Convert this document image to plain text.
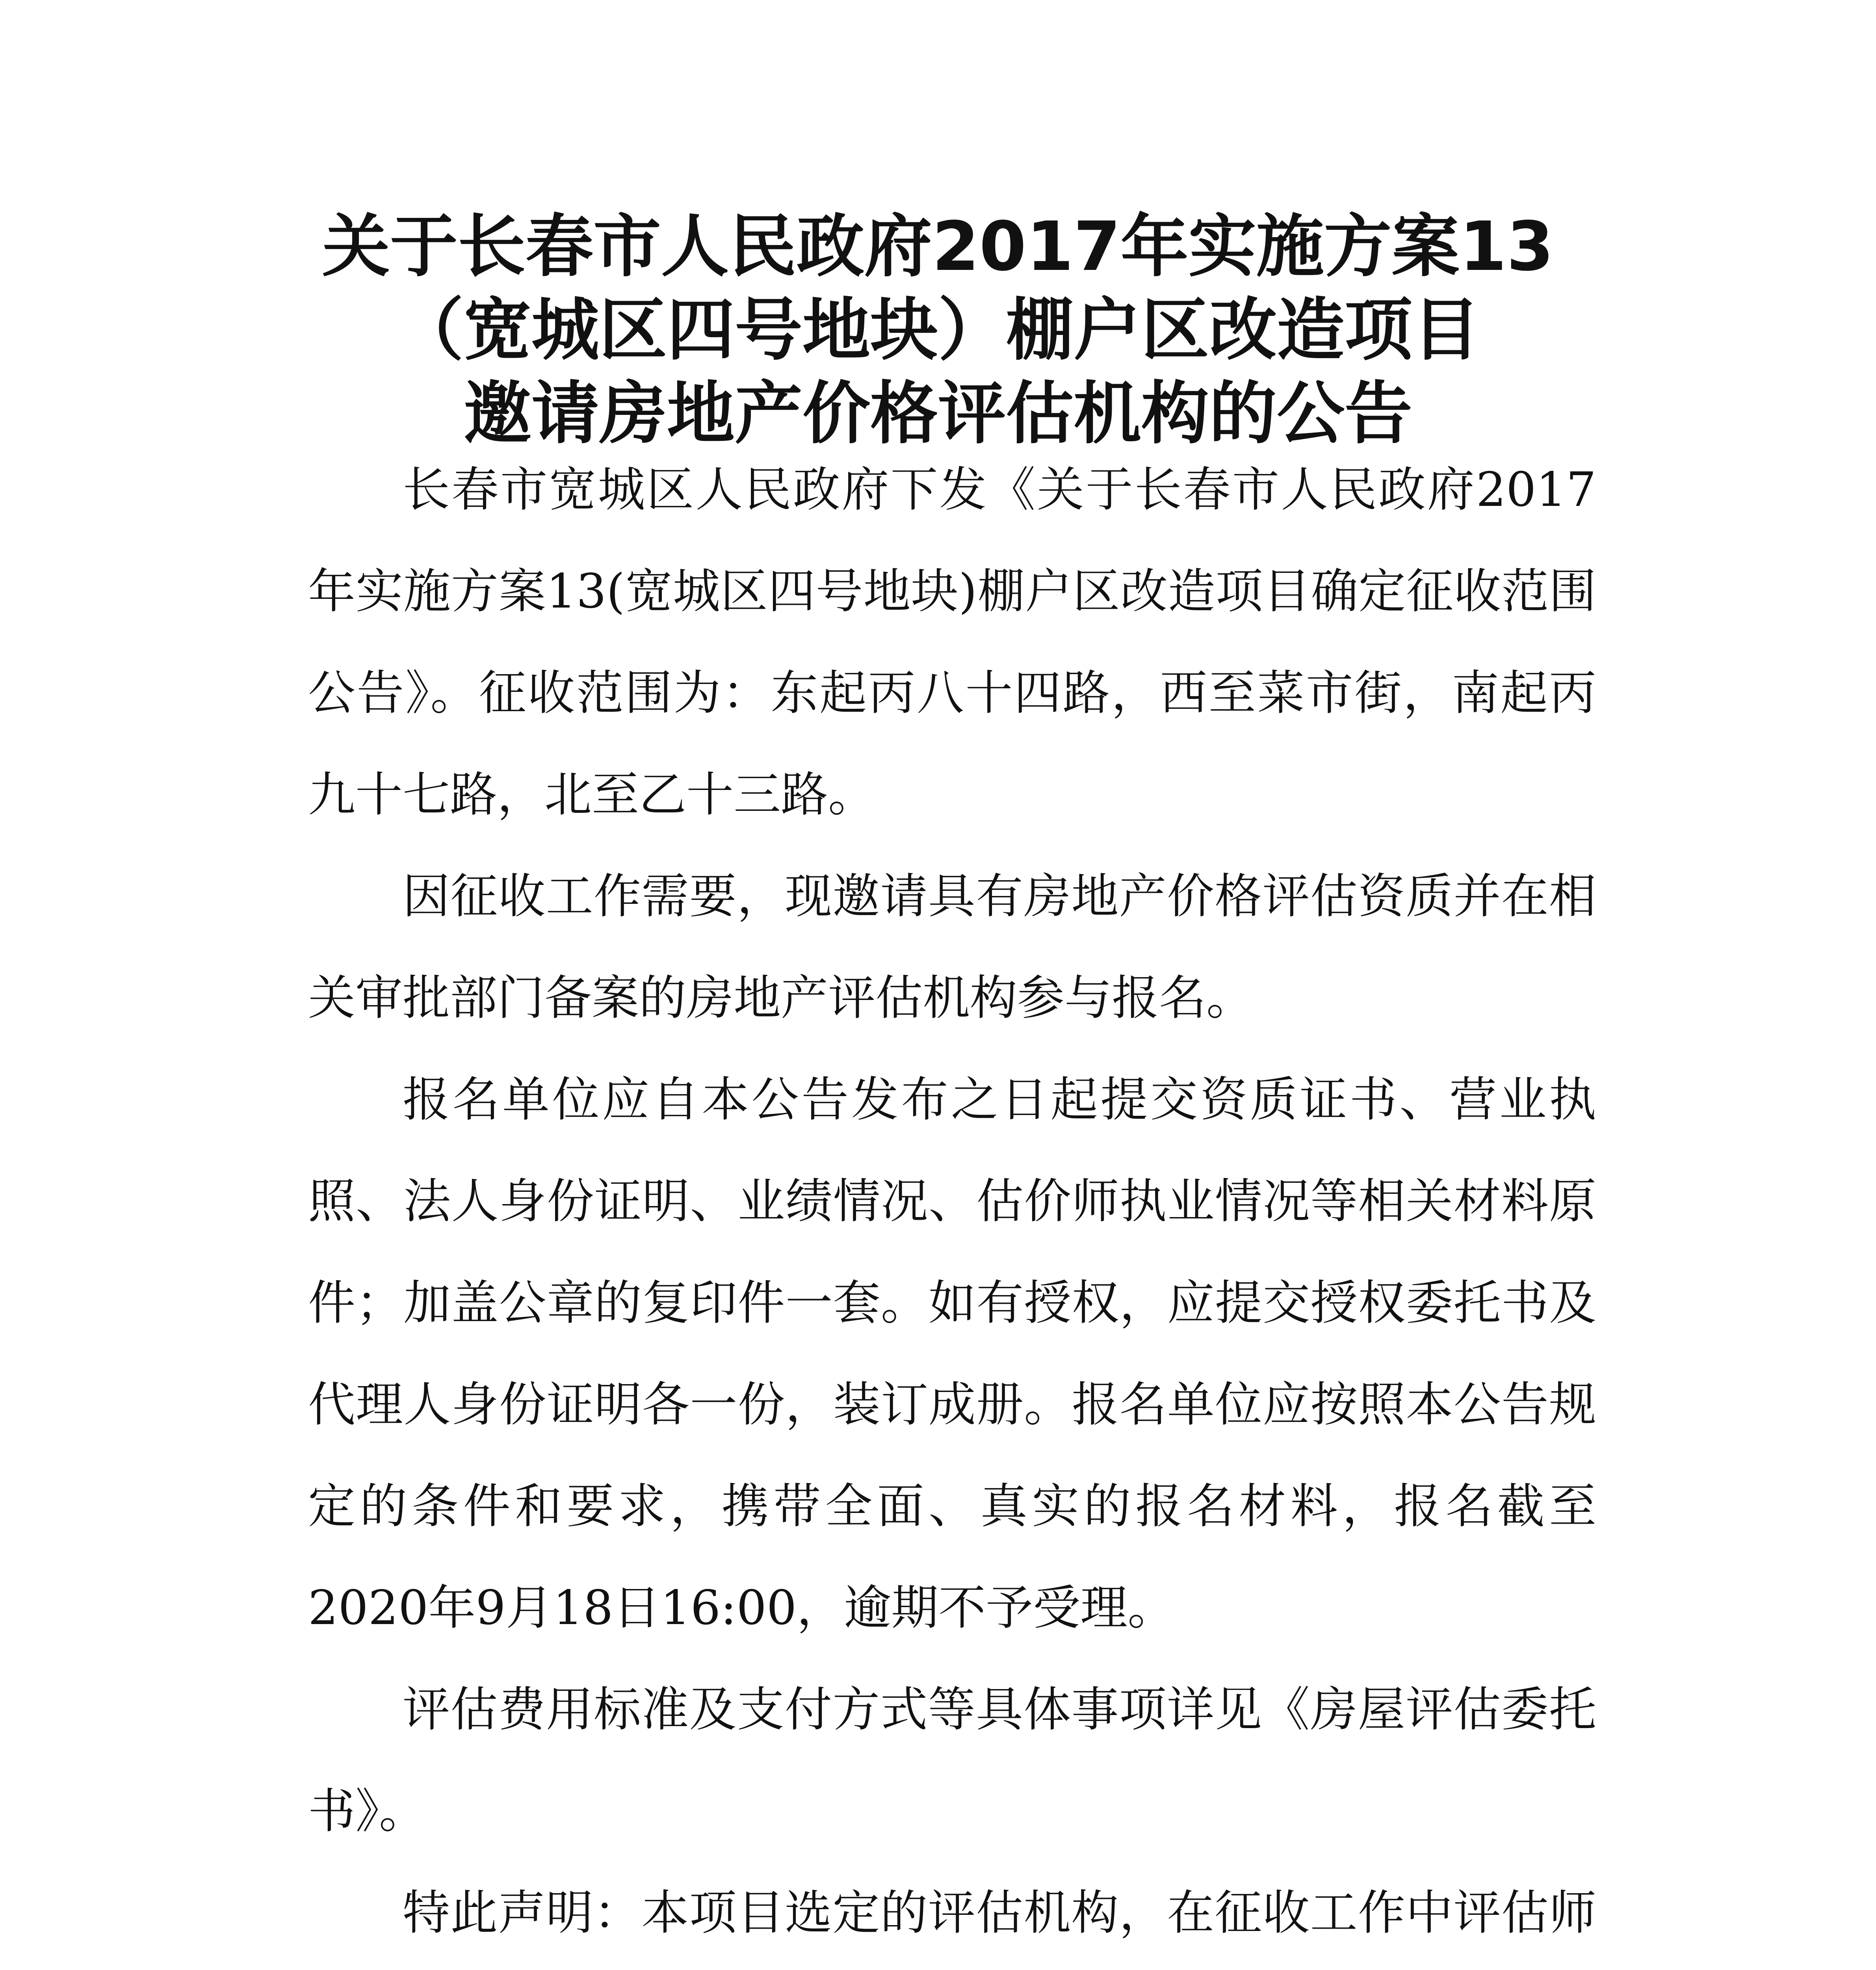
关于长春市人民政府2017年实施方案13
（宽城区四号地块）棚户区改造项目
邀请房地产价格评估机构的公告

长春市宽城区人民政府下发《关于长春市人民政府2017年实施方案13(宽城区四号地块)棚户区改造项目确定征收范围公告》。征收范围为：东起丙八十四路，西至菜市街，南起丙九十七路，北至乙十三路。

因征收工作需要，现邀请具有房地产价格评估资质并在相关审批部门备案的房地产评估机构参与报名。

报名单位应自本公告发布之日起提交资质证书、营业执照、法人身份证明、业绩情况、估价师执业情况等相关材料原件；加盖公章的复印件一套。如有授权，应提交授权委托书及代理人身份证明各一份，装订成册。报名单位应按照本公告规定的条件和要求，携带全面、真实的报名材料，报名截至2020年9月18日16:00，逾期不予受理。

评估费用标准及支付方式等具体事项详见《房屋评估委托书》。

特此声明：本项目选定的评估机构，在征收工作中评估师
